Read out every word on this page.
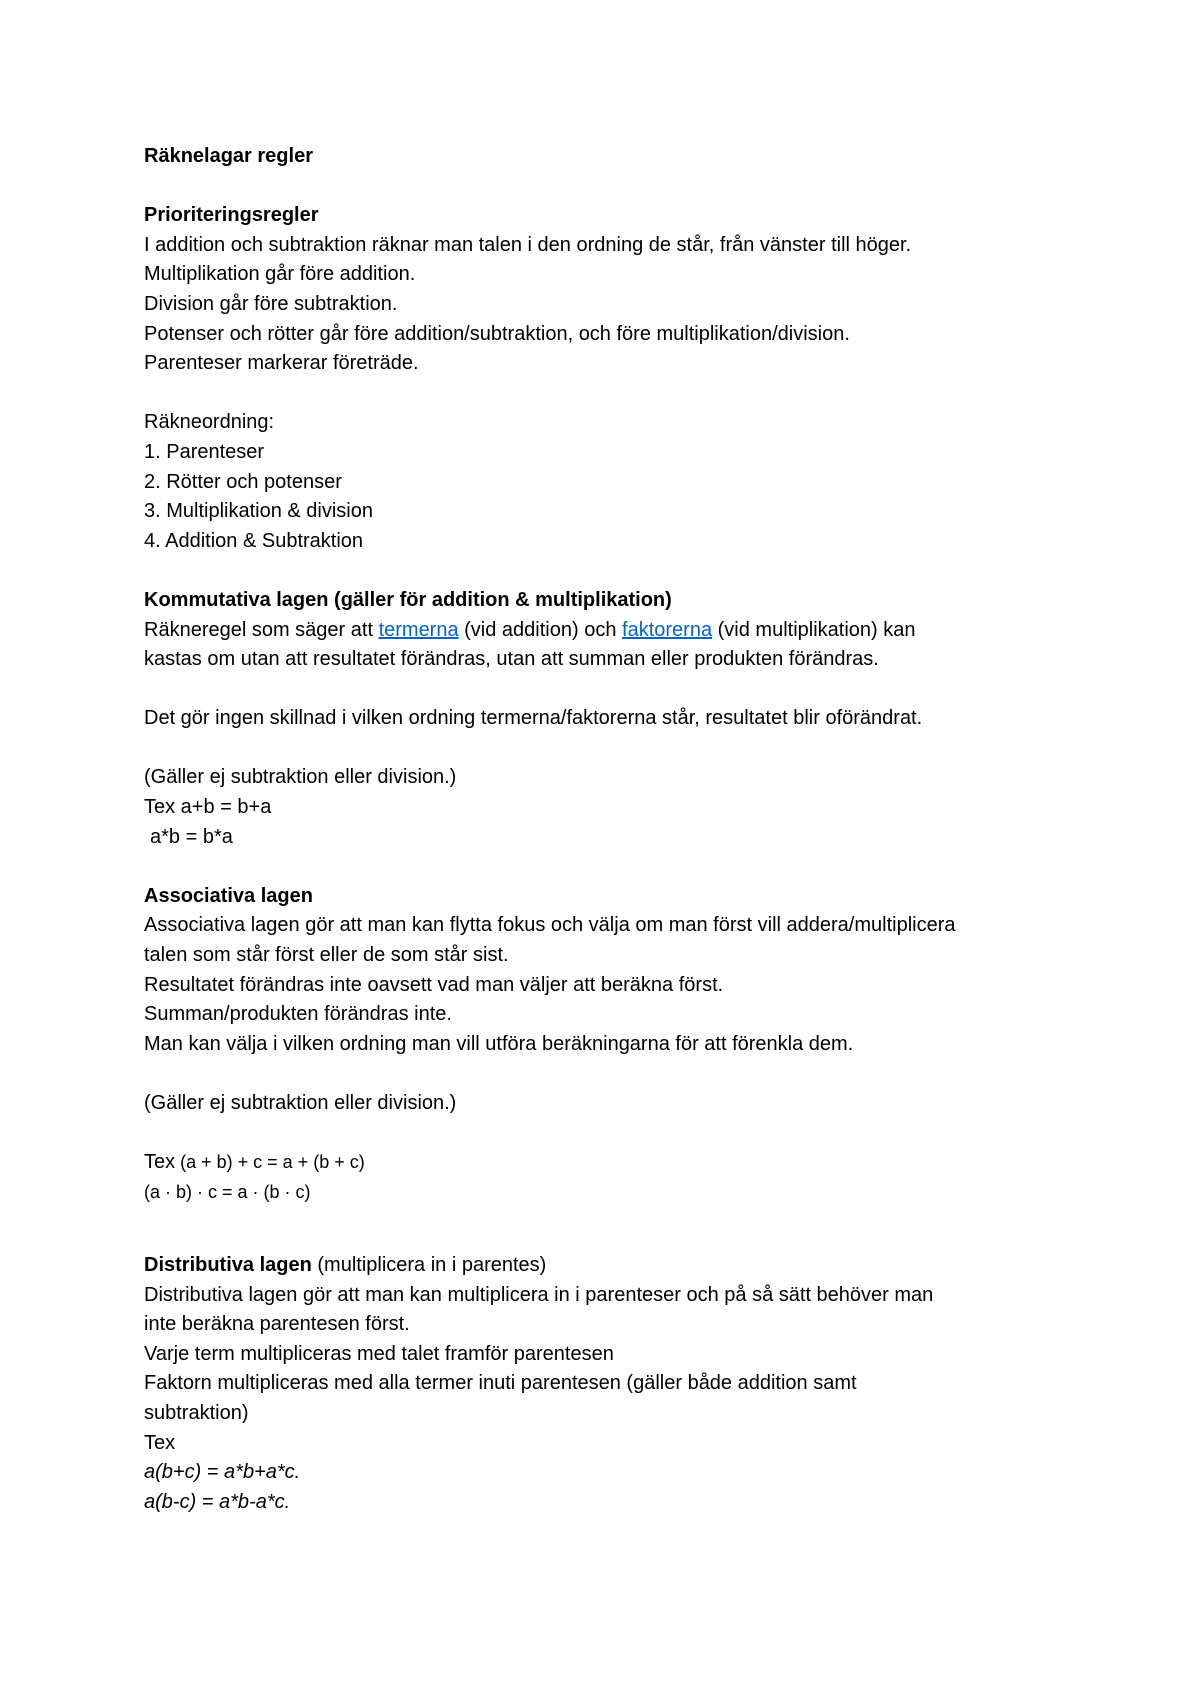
Räknelagar regler

Prioriteringsregler

I addition och subtraktion räknar man talen i den ordning de står, från vänster till höger.

Multiplikation går före addition.

Division går före subtraktion.

Potenser och rötter går före addition/subtraktion, och före multiplikation/division.

Parenteser markerar företräde.

Räkneordning:

1. Parenteser

2. Rötter och potenser

3. Multiplikation & division

4. Addition & Subtraktion

Kommutativa lagen (gäller för addition & multiplikation)

Räkneregel som säger att termerna (vid addition) och faktorerna (vid multiplikation) kan

kastas om utan att resultatet förändras, utan att summan eller produkten förändras.

Det gör ingen skillnad i vilken ordning termerna/faktorerna står, resultatet blir oförändrat.

(Gäller ej subtraktion eller division.)

Tex a+b = b+a

a*b = b*a

Associativa lagen

Associativa lagen gör att man kan flytta fokus och välja om man först vill addera/multiplicera

talen som står först eller de som står sist.

Resultatet förändras inte oavsett vad man väljer att beräkna först.

Summan/produkten förändras inte.

Man kan välja i vilken ordning man vill utföra beräkningarna för att förenkla dem.

(Gäller ej subtraktion eller division.)

Tex (a + b) + c = a + (b + c)

(a · b) · c = a · (b · c)

Distributiva lagen (multiplicera in i parentes)

Distributiva lagen gör att man kan multiplicera in i parenteser och på så sätt behöver man

inte beräkna parentesen först.

Varje term multipliceras med talet framför parentesen

Faktorn multipliceras med alla termer inuti parentesen (gäller både addition samt

subtraktion)

Tex

a(b+c) = a*b+a*c.

a(b-c) = a*b-a*c.
